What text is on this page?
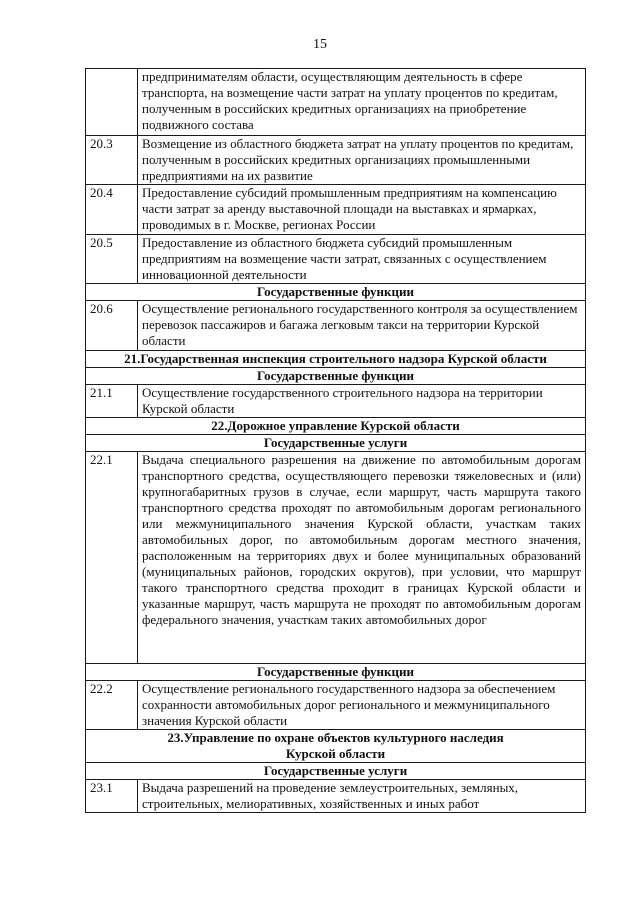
15
	предпринимателям области, осуществляющим деятельность в сфере транспорта, на возмещение части затрат на уплату процентов по кредитам, полученным в российских кредитных организациях на приобретение подвижного состава
20.3	Возмещение из областного бюджета затрат на уплату процентов по кредитам, полученным в российских кредитных организациях промышленными предприятиями на их развитие
20.4	Предоставление субсидий промышленным предприятиям на компенсацию части затрат за аренду выставочной площади на выставках и ярмарках, проводимых в г. Москве, регионах России
20.5	Предоставление из областного бюджета субсидий промышленным предприятиям на возмещение части затрат, связанных с осуществлением инновационной деятельности
Государственные функции	
20.6	Осуществление регионального государственного контроля за осуществлением перевозок пассажиров и багажа легковым такси на территории Курской области
21.Государственная инспекция строительного надзора Курской области	
Государственные функции	
21.1	Осуществление государственного строительного надзора на территории Курской области
22.Дорожное управление Курской области	
Государственные услуги	
22.1	Выдача специального разрешения на движение по автомобильным дорогам транспортного средства, осуществляющего перевозки тяжеловесных и (или) крупногабаритных грузов в случае, если маршрут, часть маршрута такого транспортного средства проходят по автомобильным дорогам регионального или межмуниципального значения Курской области, участкам таких автомобильных дорог, по автомобильным дорогам местного значения, расположенным на территориях двух и более муниципальных образований (муниципальных районов, городских округов), при условии, что маршрут такого транспортного средства проходит в границах Курской области и указанные маршрут, часть маршрута не проходят по автомобильным дорогам федерального значения, участкам таких автомобильных дорог
Государственные функции	
22.2	Осуществление регионального государственного надзора за обеспечением сохранности автомобильных дорог регионального и межмуниципального значения Курской области

23.Управление по охране объектов культурного наследия
Курской области	

Государственные услуги	
23.1	Выдача разрешений на проведение землеустроительных, земляных, строительных, мелиоративных, хозяйственных и иных работ
